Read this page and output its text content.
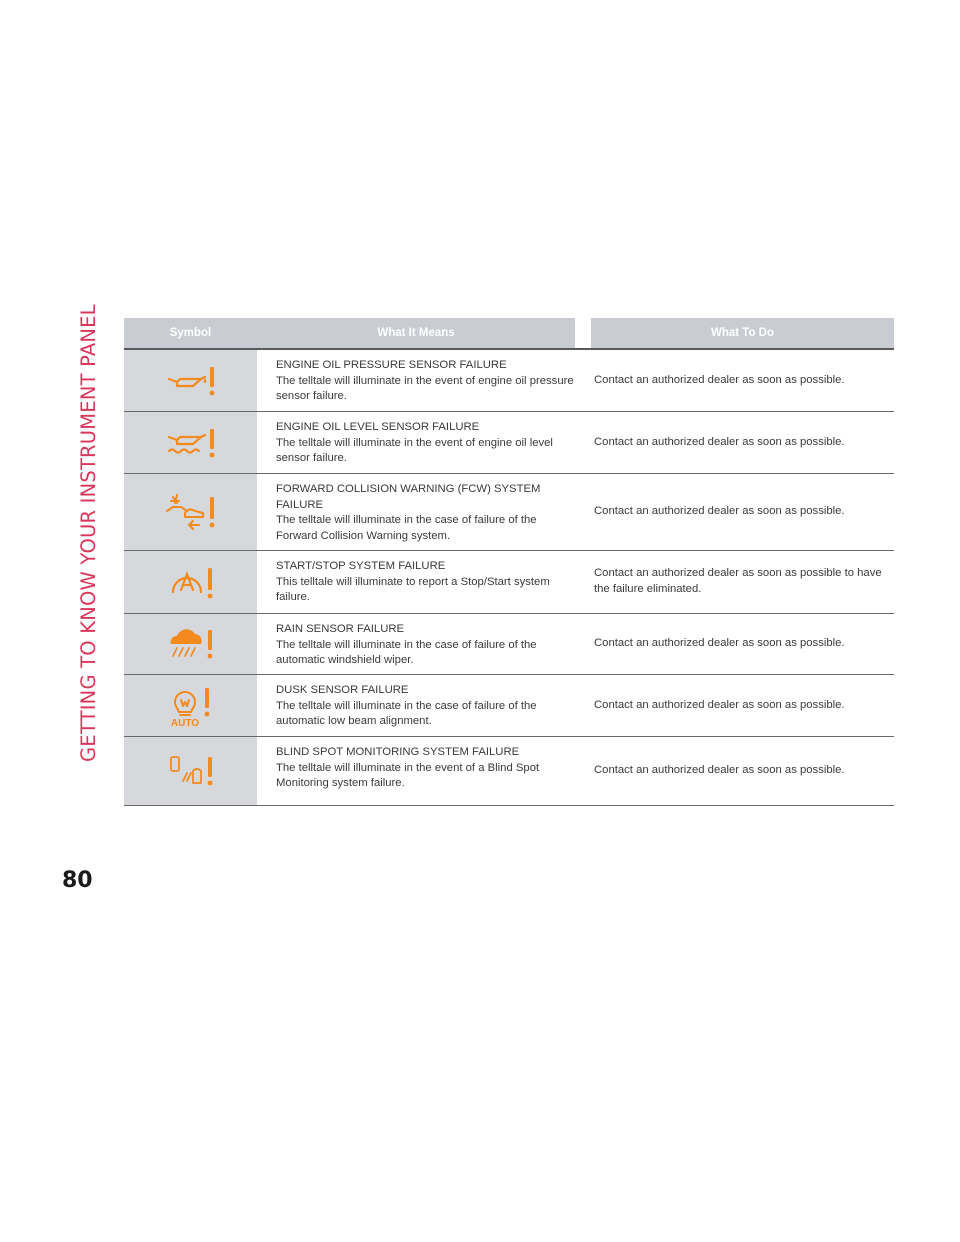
GETTING TO KNOW YOUR INSTRUMENT PANEL
80
Symbol	What It Means	What To Do
ENGINE OIL PRESSURE SENSOR FAILURE
The telltale will illuminate in the event of engine oil pressure sensor failure.
Contact an authorized dealer as soon as possible.
ENGINE OIL LEVEL SENSOR FAILURE
The telltale will illuminate in the event of engine oil level sensor failure.
Contact an authorized dealer as soon as possible.
FORWARD COLLISION WARNING (FCW) SYSTEM FAILURE
The telltale will illuminate in the case of failure of the Forward Collision Warning system.
Contact an authorized dealer as soon as possible.
START/STOP SYSTEM FAILURE
This telltale will illuminate to report a Stop/Start system failure.
Contact an authorized dealer as soon as possible to have the failure eliminated.
RAIN SENSOR FAILURE
The telltale will illuminate in the case of failure of the automatic windshield wiper.
Contact an authorized dealer as soon as possible.
AUTO
DUSK SENSOR FAILURE
The telltale will illuminate in the case of failure of the automatic low beam alignment.
Contact an authorized dealer as soon as possible.
BLIND SPOT MONITORING SYSTEM FAILURE
The telltale will illuminate in the event of a Blind Spot Monitoring system failure.
Contact an authorized dealer as soon as possible.
